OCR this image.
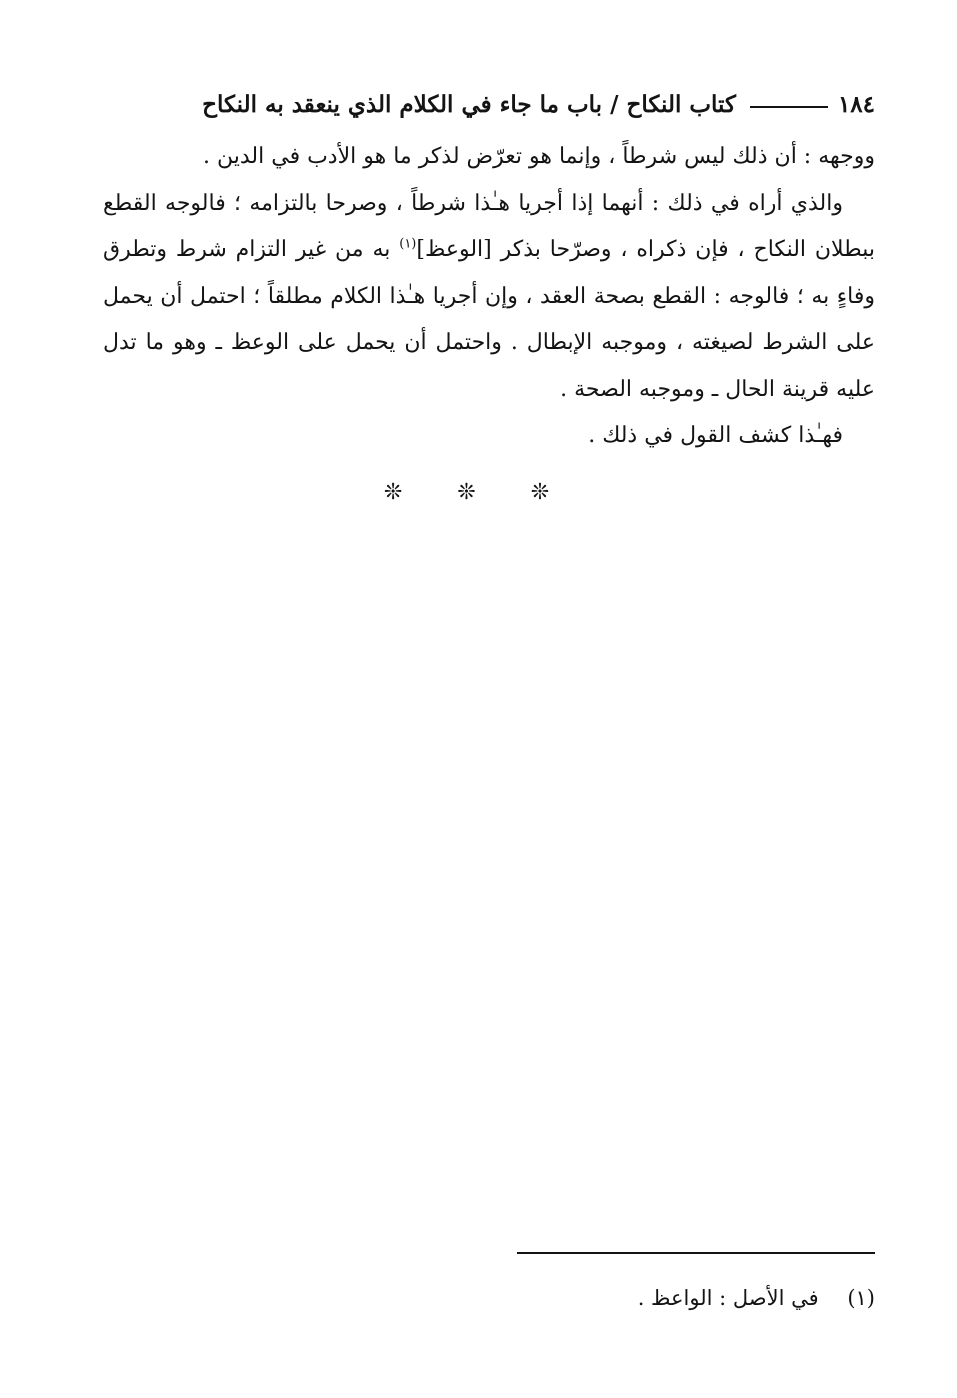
١٨٤
كتاب النكاح / باب ما جاء في الكلام الذي ينعقد به النكاح

ووجهه : أن ذلك ليس شرطاً ، وإنما هو تعرّض لذكر ما هو الأدب في الدين .

والذي أراه في ذلك : أنهما إذا أجريا هـٰذا شرطاً ، وصرحا بالتزامه ؛ فالوجه القطع ببطلان النكاح ، فإن ذكراه ، وصرّحا بذكر [الوعظ]$^{(١)}$ به من غير التزام شرط وتطرق وفاءٍ به ؛ فالوجه : القطع بصحة العقد ، وإن أجريا هـٰذا الكلام مطلقاً ؛ احتمل أن يحمل على الشرط لصيغته ، وموجبه الإبطال . واحتمل أن يحمل على الوعظ ـ وهو ما تدل عليه قرينة الحال ـ وموجبه الصحة .

فهـٰذا كشف القول في ذلك .

❊ ❊ ❊
(١) في الأصل : الواعظ .
